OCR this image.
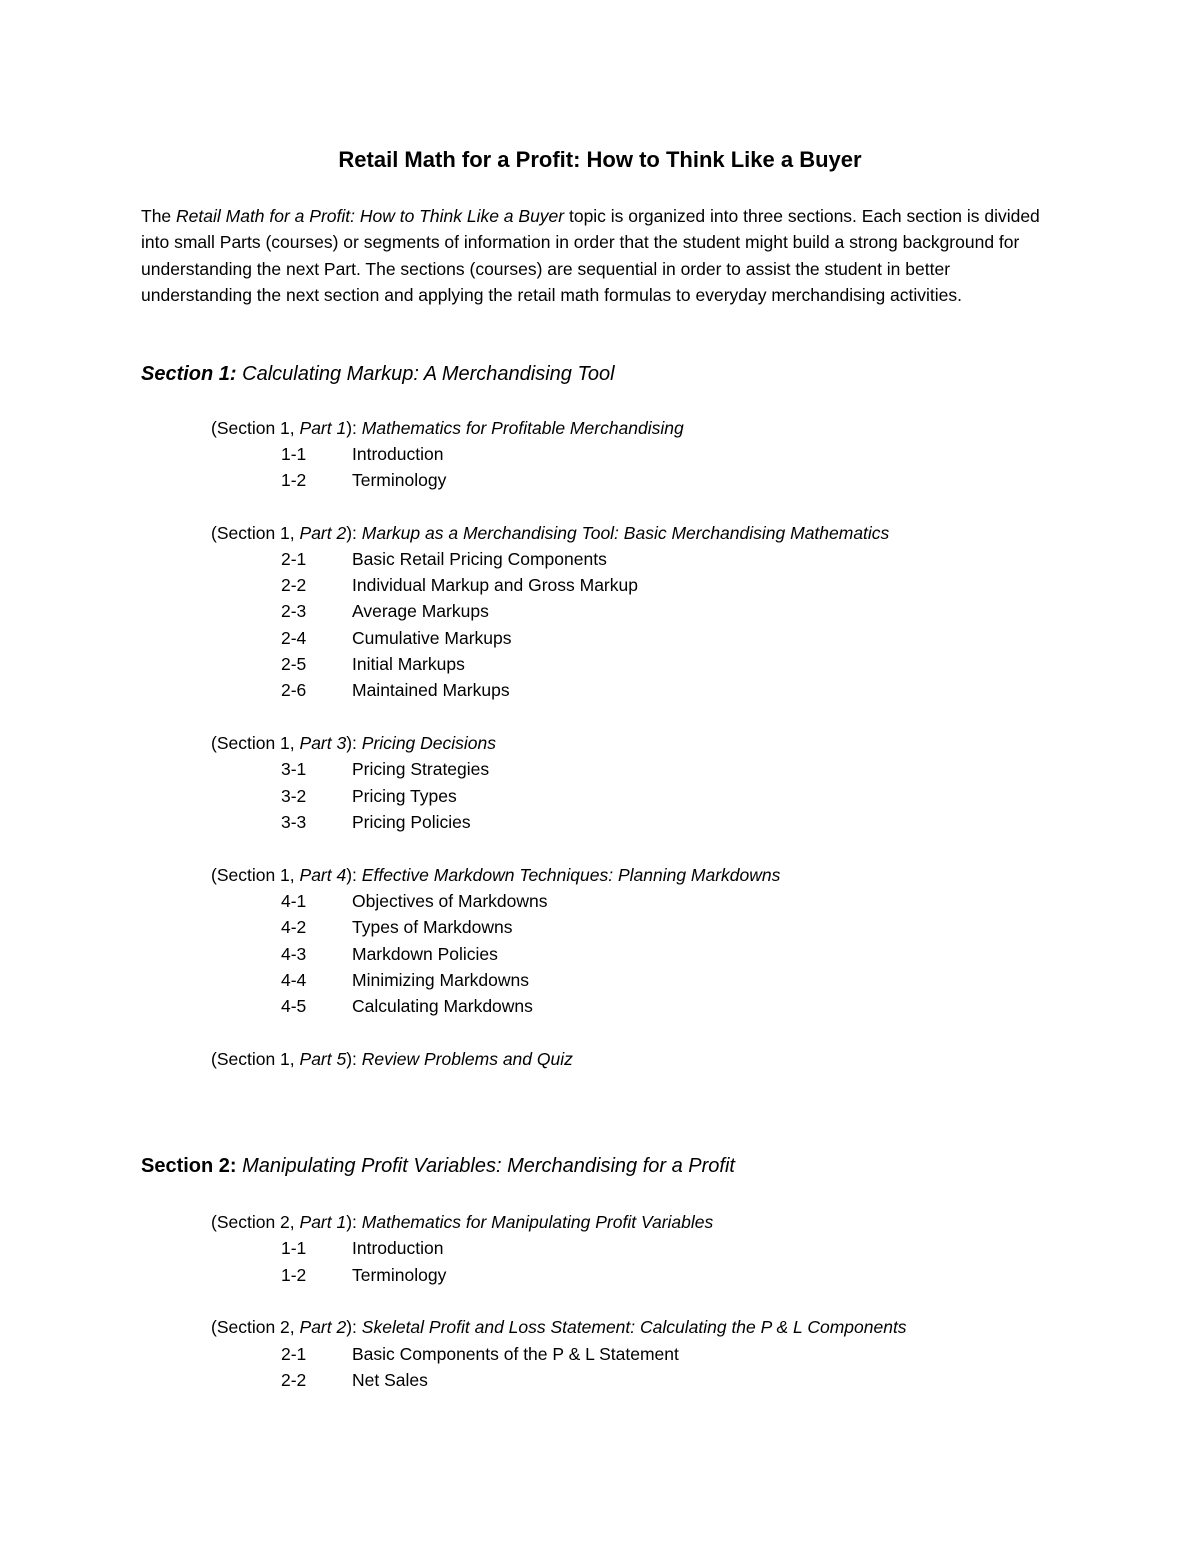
Retail Math for a Profit: How to Think Like a Buyer
The Retail Math for a Profit: How to Think Like a Buyer topic is organized into three sections. Each section is divided into small Parts (courses) or segments of information in order that the student might build a strong background for understanding the next Part. The sections (courses) are sequential in order to assist the student in better understanding the next section and applying the retail math formulas to everyday merchandising activities.
Section 1: Calculating Markup: A Merchandising Tool
(Section 1, Part 1): Mathematics for Profitable Merchandising
1-1	Introduction
1-2	Terminology
(Section 1, Part 2): Markup as a Merchandising Tool: Basic Merchandising Mathematics
2-1	Basic Retail Pricing Components
2-2	Individual Markup and Gross Markup
2-3	Average Markups
2-4	Cumulative Markups
2-5	Initial Markups
2-6	Maintained Markups
(Section 1, Part 3): Pricing Decisions
3-1	Pricing Strategies
3-2	Pricing Types
3-3	Pricing Policies
(Section 1, Part 4): Effective Markdown Techniques: Planning Markdowns
4-1	Objectives of Markdowns
4-2	Types of Markdowns
4-3	Markdown Policies
4-4	Minimizing Markdowns
4-5	Calculating Markdowns
(Section 1, Part 5): Review Problems and Quiz
Section 2: Manipulating Profit Variables: Merchandising for a Profit
(Section 2, Part 1): Mathematics for Manipulating Profit Variables
1-1	Introduction
1-2	Terminology
(Section 2, Part 2): Skeletal Profit and Loss Statement: Calculating the P & L Components
2-1	Basic Components of the P & L Statement
2-2	Net Sales
